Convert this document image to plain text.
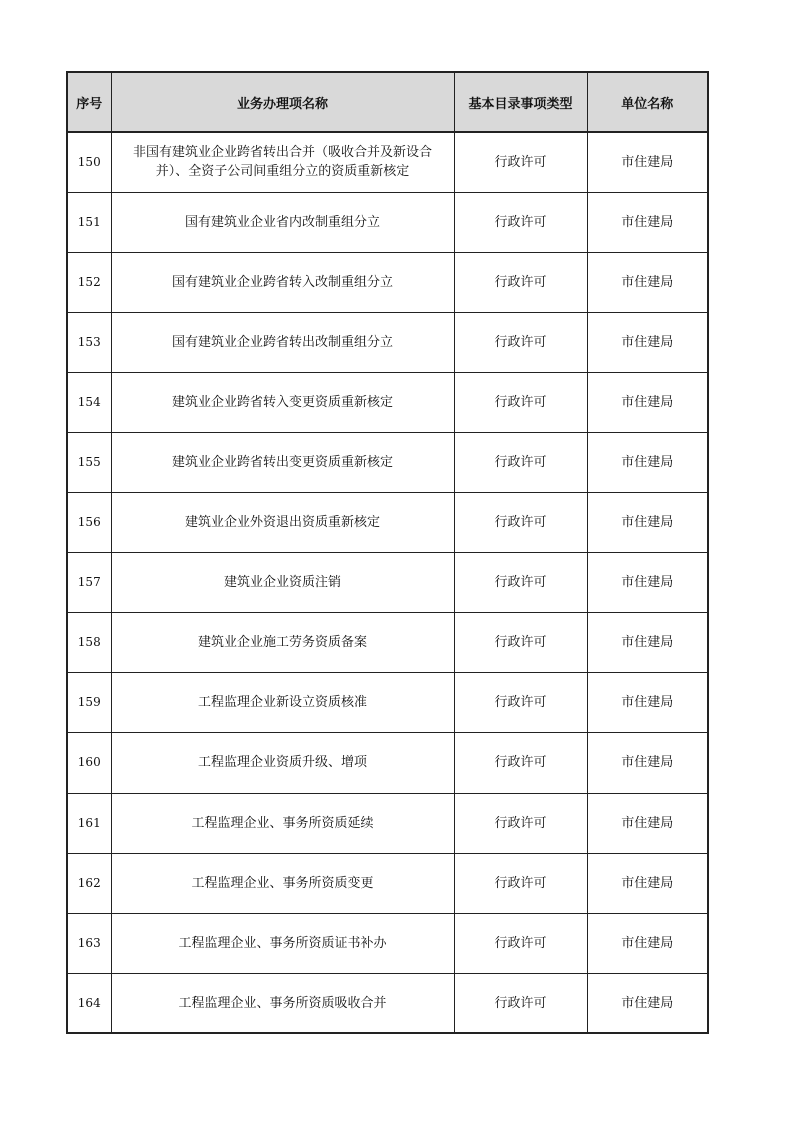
序号	业务办理项名称	基本目录事项类型	单位名称
150	非国有建筑业企业跨省转出合并（吸收合并及新设合并）、全资子公司间重组分立的资质重新核定	行政许可	市住建局
151	国有建筑业企业省内改制重组分立	行政许可	市住建局
152	国有建筑业企业跨省转入改制重组分立	行政许可	市住建局
153	国有建筑业企业跨省转出改制重组分立	行政许可	市住建局
154	建筑业企业跨省转入变更资质重新核定	行政许可	市住建局
155	建筑业企业跨省转出变更资质重新核定	行政许可	市住建局
156	建筑业企业外资退出资质重新核定	行政许可	市住建局
157	建筑业企业资质注销	行政许可	市住建局
158	建筑业企业施工劳务资质备案	行政许可	市住建局
159	工程监理企业新设立资质核准	行政许可	市住建局
160	工程监理企业资质升级、增项	行政许可	市住建局
161	工程监理企业、事务所资质延续	行政许可	市住建局
162	工程监理企业、事务所资质变更	行政许可	市住建局
163	工程监理企业、事务所资质证书补办	行政许可	市住建局
164	工程监理企业、事务所资质吸收合并	行政许可	市住建局
